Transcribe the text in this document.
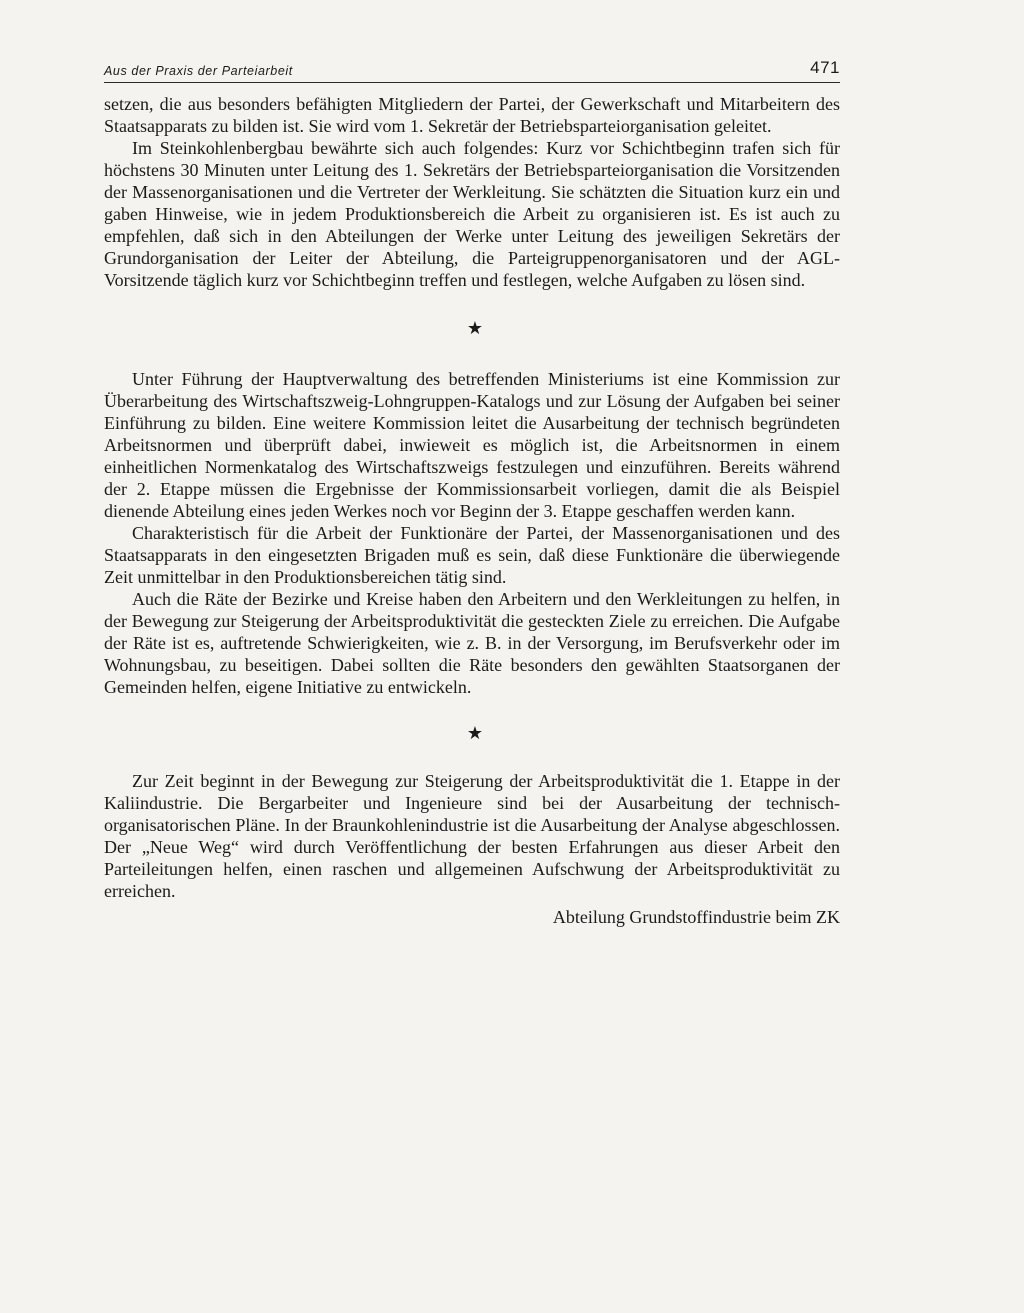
Aus der Praxis der Parteiarbeit	471

setzen, die aus besonders befähigten Mitgliedern der Partei, der Gewerkschaft und Mitarbeitern des Staatsapparats zu bilden ist. Sie wird vom 1. Sekretär der Betriebsparteiorganisation geleitet.

Im Steinkohlenbergbau bewährte sich auch folgendes: Kurz vor Schichtbeginn trafen sich für höchstens 30 Minuten unter Leitung des 1. Sekretärs der Betriebsparteiorganisation die Vorsitzenden der Massenorganisationen und die Vertreter der Werkleitung. Sie schätzten die Situation kurz ein und gaben Hinweise, wie in jedem Produktionsbereich die Arbeit zu organisieren ist. Es ist auch zu empfehlen, daß sich in den Abteilungen der Werke unter Leitung des jeweiligen Sekretärs der Grundorganisation der Leiter der Abteilung, die Parteigruppenorganisatoren und der AGL-Vorsitzende täglich kurz vor Schichtbeginn treffen und festlegen, welche Aufgaben zu lösen sind.

★

Unter Führung der Hauptverwaltung des betreffenden Ministeriums ist eine Kommission zur Überarbeitung des Wirtschaftszweig-Lohngruppen-Katalogs und zur Lösung der Aufgaben bei seiner Einführung zu bilden. Eine weitere Kommission leitet die Ausarbeitung der technisch begründeten Arbeitsnormen und überprüft dabei, inwieweit es möglich ist, die Arbeitsnormen in einem einheitlichen Normenkatalog des Wirtschaftszweigs festzulegen und einzuführen. Bereits während der 2. Etappe müssen die Ergebnisse der Kommissionsarbeit vorliegen, damit die als Beispiel dienende Abteilung eines jeden Werkes noch vor Beginn der 3. Etappe geschaffen werden kann.

Charakteristisch für die Arbeit der Funktionäre der Partei, der Massenorganisationen und des Staatsapparats in den eingesetzten Brigaden muß es sein, daß diese Funktionäre die überwiegende Zeit unmittelbar in den Produktionsbereichen tätig sind.

Auch die Räte der Bezirke und Kreise haben den Arbeitern und den Werkleitungen zu helfen, in der Bewegung zur Steigerung der Arbeitsproduktivität die gesteckten Ziele zu erreichen. Die Aufgabe der Räte ist es, auftretende Schwierigkeiten, wie z. B. in der Versorgung, im Berufsverkehr oder im Wohnungsbau, zu beseitigen. Dabei sollten die Räte besonders den gewählten Staatsorganen der Gemeinden helfen, eigene Initiative zu entwickeln.

★

Zur Zeit beginnt in der Bewegung zur Steigerung der Arbeitsproduktivität die 1. Etappe in der Kaliindustrie. Die Bergarbeiter und Ingenieure sind bei der Ausarbeitung der technisch-organisatorischen Pläne. In der Braunkohlenindustrie ist die Ausarbeitung der Analyse abgeschlossen. Der „Neue Weg“ wird durch Veröffentlichung der besten Erfahrungen aus dieser Arbeit den Parteileitungen helfen, einen raschen und allgemeinen Aufschwung der Arbeitsproduktivität zu erreichen.

Abteilung Grundstoffindustrie beim ZK
